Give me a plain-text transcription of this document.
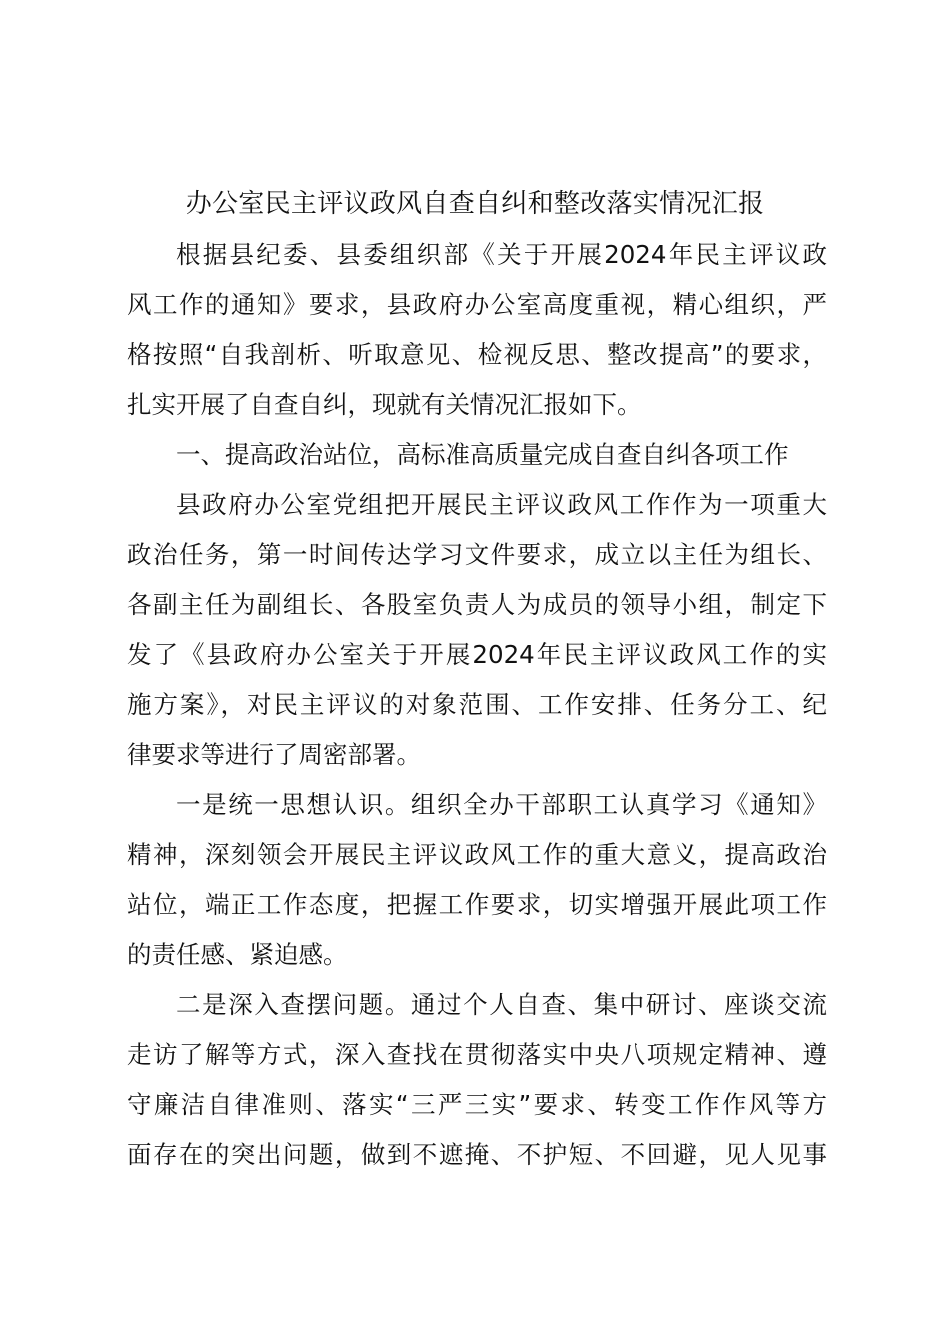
办公室民主评议政风自查自纠和整改落实情况汇报

根据县纪委、县委组织部《关于开展2024年民主评议政

风工作的通知》要求，县政府办公室高度重视，精心组织，严

格按照“自我剖析、听取意见、检视反思、整改提高”的要求，

扎实开展了自查自纠，现就有关情况汇报如下。

一、提高政治站位，高标准高质量完成自查自纠各项工作

县政府办公室党组把开展民主评议政风工作作为一项重大

政治任务，第一时间传达学习文件要求，成立以主任为组长、

各副主任为副组长、各股室负责人为成员的领导小组，制定下

发了《县政府办公室关于开展2024年民主评议政风工作的实

施方案》，对民主评议的对象范围、工作安排、任务分工、纪

律要求等进行了周密部署。

一是统一思想认识。组织全办干部职工认真学习《通知》

精神，深刻领会开展民主评议政风工作的重大意义，提高政治

站位，端正工作态度，把握工作要求，切实增强开展此项工作

的责任感、紧迫感。

二是深入查摆问题。通过个人自查、集中研讨、座谈交流

走访了解等方式，深入查找在贯彻落实中央八项规定精神、遵

守廉洁自律准则、落实“三严三实”要求、转变工作作风等方

面存在的突出问题，做到不遮掩、不护短、不回避，见人见事
